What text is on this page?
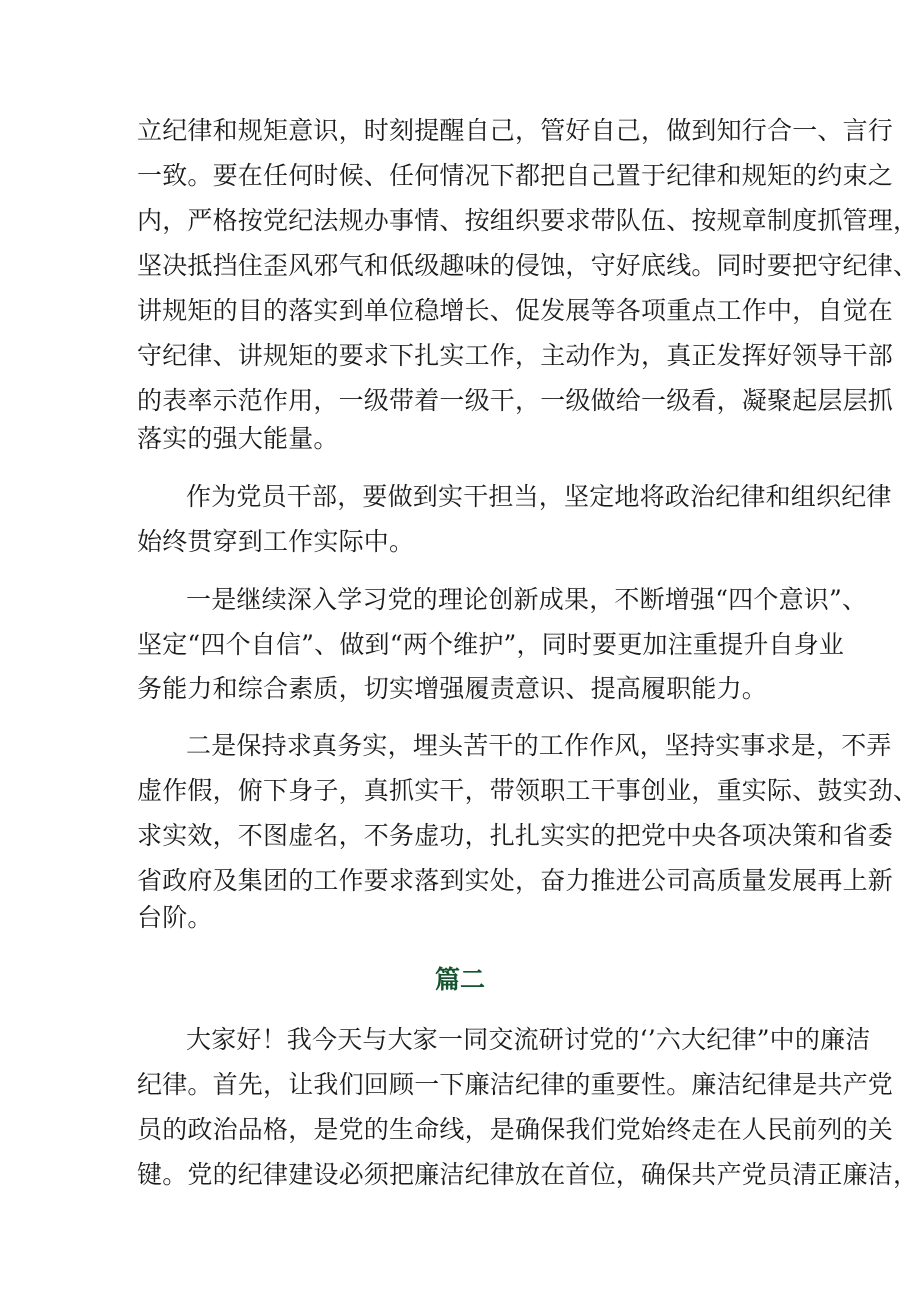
立纪律和规矩意识，时刻提醒自己，管好自己，做到知行合一、言行
一致。要在任何时候、任何情况下都把自己置于纪律和规矩的约束之
内，严格按党纪法规办事情、按组织要求带队伍、按规章制度抓管理，
坚决抵挡住歪风邪气和低级趣味的侵蚀，守好底线。同时要把守纪律、
讲规矩的目的落实到单位稳增长、促发展等各项重点工作中，自觉在
守纪律、讲规矩的要求下扎实工作，主动作为，真正发挥好领导干部
的表率示范作用，一级带着一级干，一级做给一级看，凝聚起层层抓
落实的强大能量。
作为党员干部，要做到实干担当，坚定地将政治纪律和组织纪律
始终贯穿到工作实际中。
一是继续深入学习党的理论创新成果，不断增强“四个意识”、
坚定“四个自信”、做到“两个维护”，同时要更加注重提升自身业
务能力和综合素质，切实增强履责意识、提高履职能力。
二是保持求真务实，埋头苦干的工作作风，坚持实事求是，不弄
虚作假，俯下身子，真抓实干，带领职工干事创业，重实际、鼓实劲、
求实效，不图虚名，不务虚功，扎扎实实的把党中央各项决策和省委
省政府及集团的工作要求落到实处，奋力推进公司高质量发展再上新
台阶。
篇二
大家好！我今天与大家一同交流研讨党的‘’六大纪律”中的廉洁
纪律。首先，让我们回顾一下廉洁纪律的重要性。廉洁纪律是共产党
员的政治品格，是党的生命线，是确保我们党始终走在人民前列的关
键。党的纪律建设必须把廉洁纪律放在首位，确保共产党员清正廉洁，
